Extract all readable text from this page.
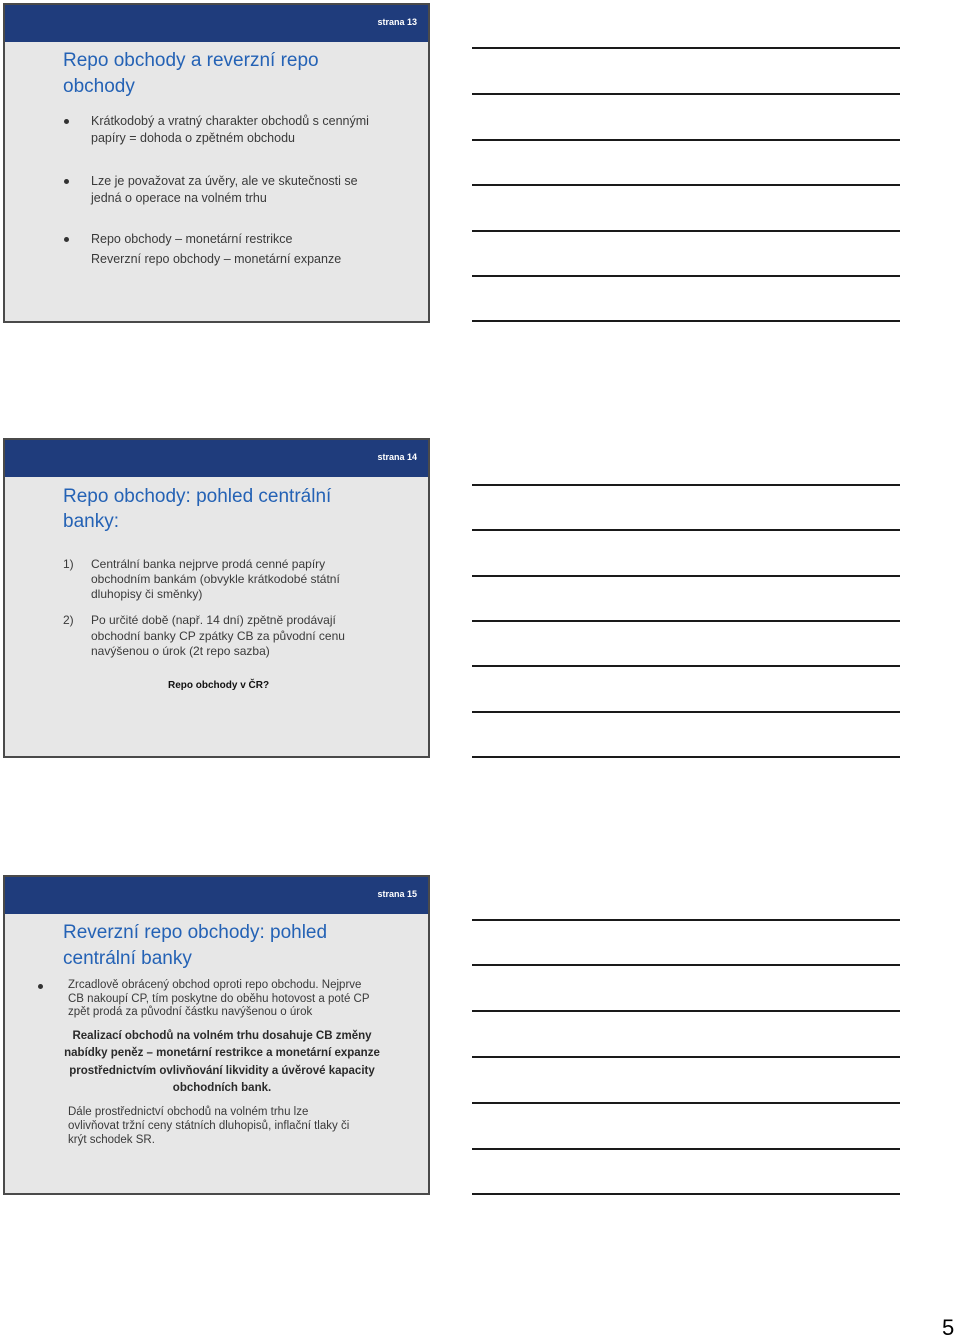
strana 13
Repo obchody a reverzní repo
obchody
Krátkodobý a vratný charakter obchodů s cennými
papíry = dohoda o zpětném obchodu
Lze je považovat za úvěry, ale ve skutečnosti se
jedná o operace na volném trhu
Repo obchody – monetární restrikce
Reverzní repo obchody – monetární expanze
strana 14
Repo obchody: pohled centrální
banky:
1) Centrální banka nejprve prodá cenné papíry
obchodním bankám (obvykle krátkodobé státní
dluhopisy či směnky)
2) Po určité době (např. 14 dní) zpětně prodávají
obchodní banky CP zpátky CB za původní cenu
navýšenou o úrok (2t repo sazba)
Repo obchody v ČR?
strana 15
Reverzní repo obchody: pohled
centrální banky
Zrcadlově obrácený obchod oproti repo obchodu. Nejprve
CB nakoupí CP, tím poskytne do oběhu hotovost a poté CP
zpět prodá za původní částku navýšenou o úrok
Realizací obchodů na volném trhu dosahuje CB změny
nabídky peněz – monetární restrikce a monetární expanze
prostřednictvím ovlivňování likvidity a úvěrové kapacity
obchodních bank.
Dále prostřednictví obchodů na volném trhu lze
ovlivňovat tržní ceny státních dluhopisů, inflační tlaky či
krýt schodek SR.
5
